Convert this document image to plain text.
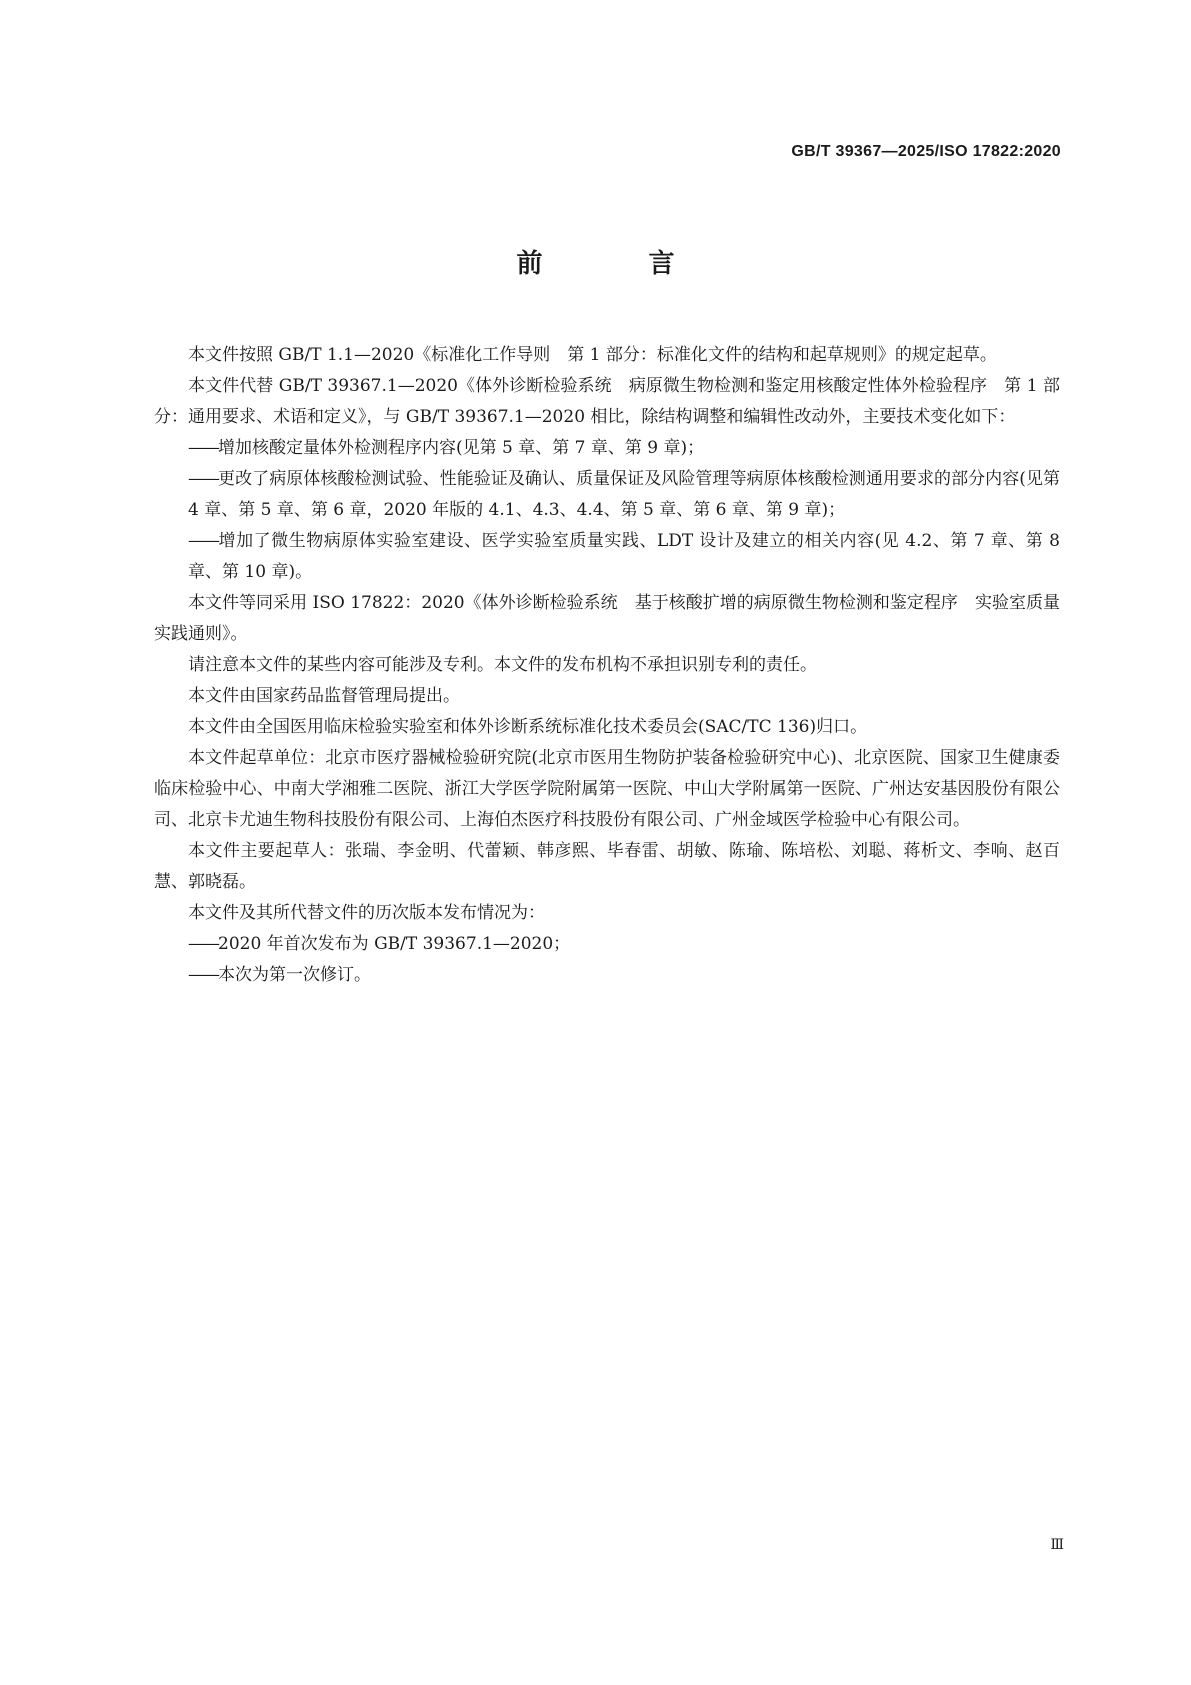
GB/T 39367—2025/ISO 17822:2020
前　言

本文件按照 GB/T 1.1—2020《标准化工作导则　第 1 部分：标准化文件的结构和起草规则》的规定起草。

本文件代替 GB/T 39367.1—2020《体外诊断检验系统　病原微生物检测和鉴定用核酸定性体外检验程序　第 1 部分：通用要求、术语和定义》，与 GB/T 39367.1—2020 相比，除结构调整和编辑性改动外，主要技术变化如下：

——增加核酸定量体外检测程序内容(见第 5 章、第 7 章、第 9 章)；

——更改了病原体核酸检测试验、性能验证及确认、质量保证及风险管理等病原体核酸检测通用要求的部分内容(见第 4 章、第 5 章、第 6 章，2020 年版的 4.1、4.3、4.4、第 5 章、第 6 章、第 9 章)；

——增加了微生物病原体实验室建设、医学实验室质量实践、LDT 设计及建立的相关内容(见 4.2、第 7 章、第 8 章、第 10 章)。

本文件等同采用 ISO 17822：2020《体外诊断检验系统　基于核酸扩增的病原微生物检测和鉴定程序　实验室质量实践通则》。

请注意本文件的某些内容可能涉及专利。本文件的发布机构不承担识别专利的责任。

本文件由国家药品监督管理局提出。

本文件由全国医用临床检验实验室和体外诊断系统标准化技术委员会(SAC/TC 136)归口。

本文件起草单位：北京市医疗器械检验研究院(北京市医用生物防护装备检验研究中心)、北京医院、国家卫生健康委临床检验中心、中南大学湘雅二医院、浙江大学医学院附属第一医院、中山大学附属第一医院、广州达安基因股份有限公司、北京卡尤迪生物科技股份有限公司、上海伯杰医疗科技股份有限公司、广州金域医学检验中心有限公司。

本文件主要起草人：张瑞、李金明、代蕾颖、韩彦熙、毕春雷、胡敏、陈瑜、陈培松、刘聪、蒋析文、李响、赵百慧、郭晓磊。

本文件及其所代替文件的历次版本发布情况为：

——2020 年首次发布为 GB/T 39367.1—2020；

——本次为第一次修订。

Ⅲ
